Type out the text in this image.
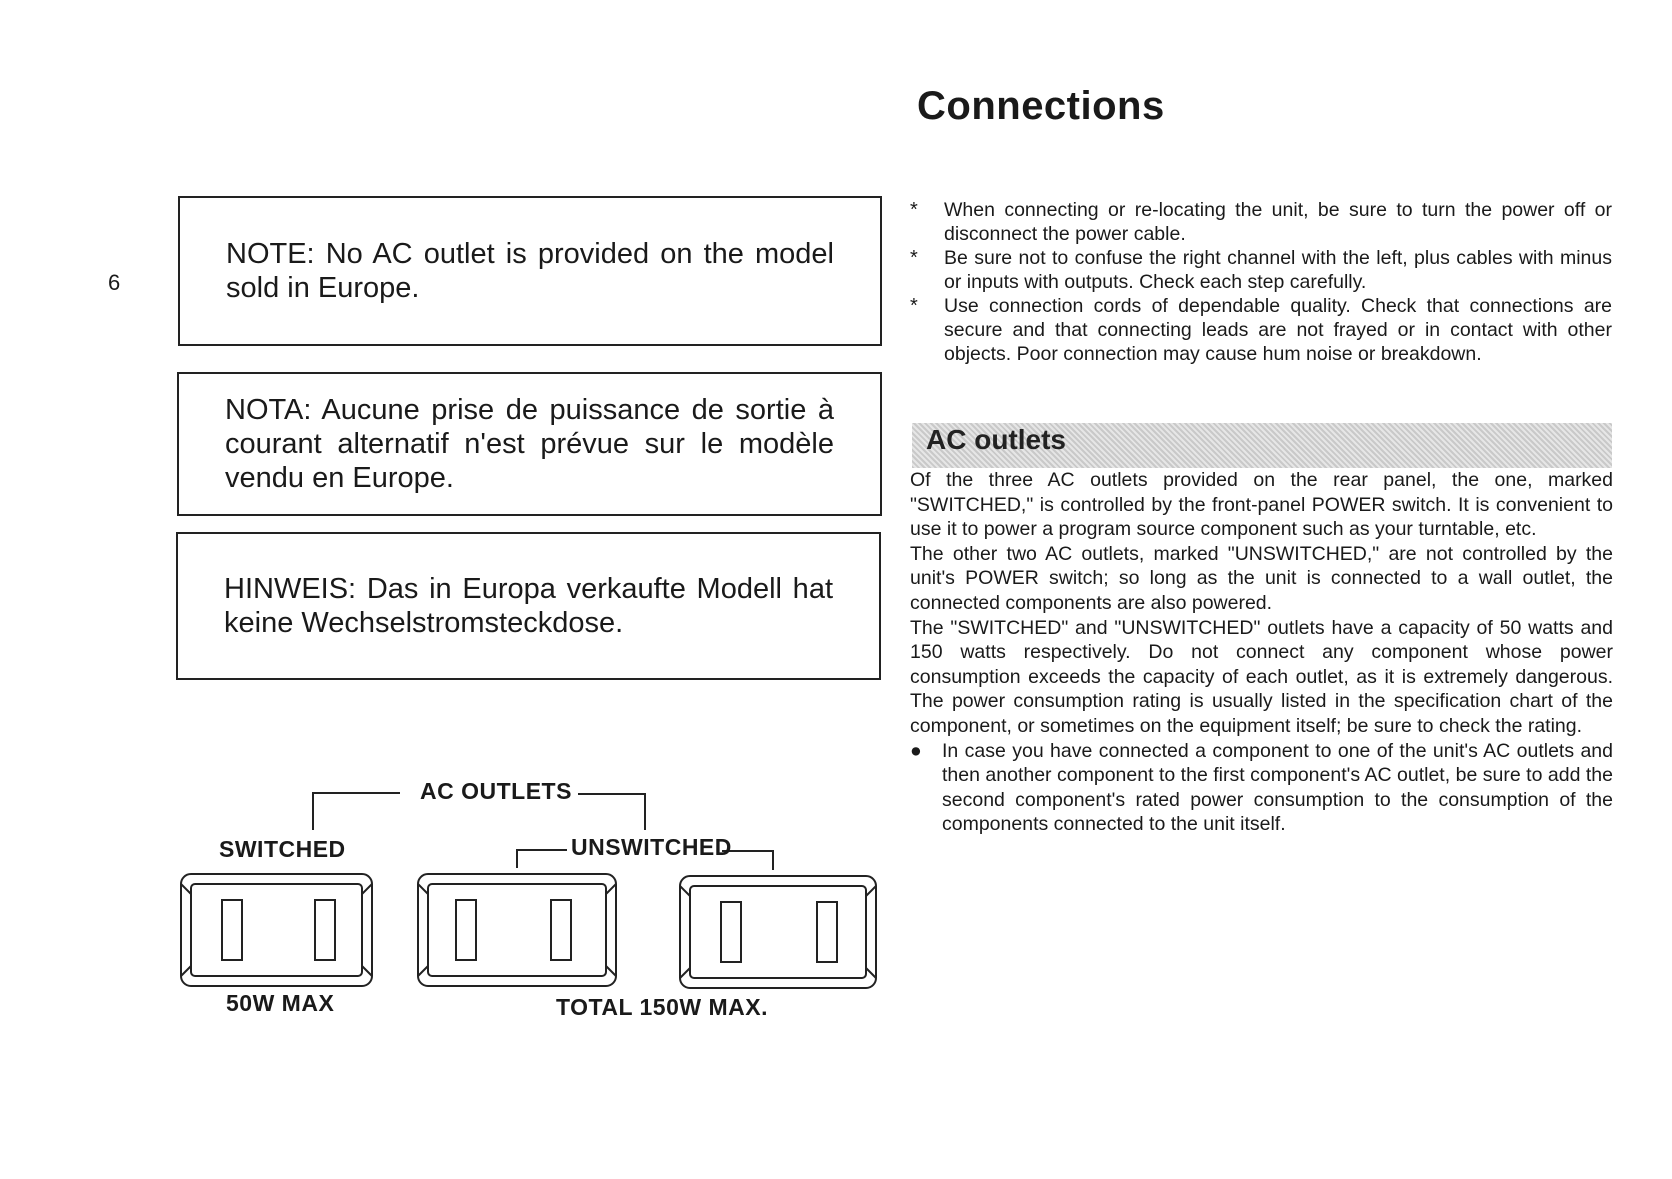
6
Connections

NOTE: No AC outlet is provided on the model sold in Europe.

NOTA: Aucune prise de puissance de sortie à courant alternatif n'est prévue sur le modèle vendu en Europe.

HINWEIS: Das in Europa verkaufte Modell hat keine Wechselstromsteckdose.

* When connecting or re-locating the unit, be sure to turn the power off or disconnect the power cable.
* Be sure not to confuse the right channel with the left, plus cables with minus or inputs with outputs. Check each step carefully.
* Use connection cords of dependable quality. Check that connections are secure and that connecting leads are not frayed or in contact with other objects. Poor connection may cause hum noise or breakdown.
AC outlets

Of the three AC outlets provided on the rear panel, the one, marked "SWITCHED," is controlled by the front-panel POWER switch. It is convenient to use it to power a program source component such as your turntable, etc.

The other two AC outlets, marked "UNSWITCHED," are not controlled by the unit's POWER switch; so long as the unit is connected to a wall outlet, the connected components are also powered.

The "SWITCHED" and "UNSWITCHED" outlets have a capacity of 50 watts and 150 watts respectively. Do not connect any component whose power consumption exceeds the capacity of each outlet, as it is extremely dangerous. The power consumption rating is usually listed in the specification chart of the component, or sometimes on the equipment itself; be sure to check the rating.

● In case you have connected a component to one of the unit's AC outlets and then another component to the first component's AC outlet, be sure to add the second component's rated power consumption to the consumption of the components connected to the unit itself.
AC OUTLETS
SWITCHED	UNSWITCHED
50W MAX	TOTAL 150W MAX.
